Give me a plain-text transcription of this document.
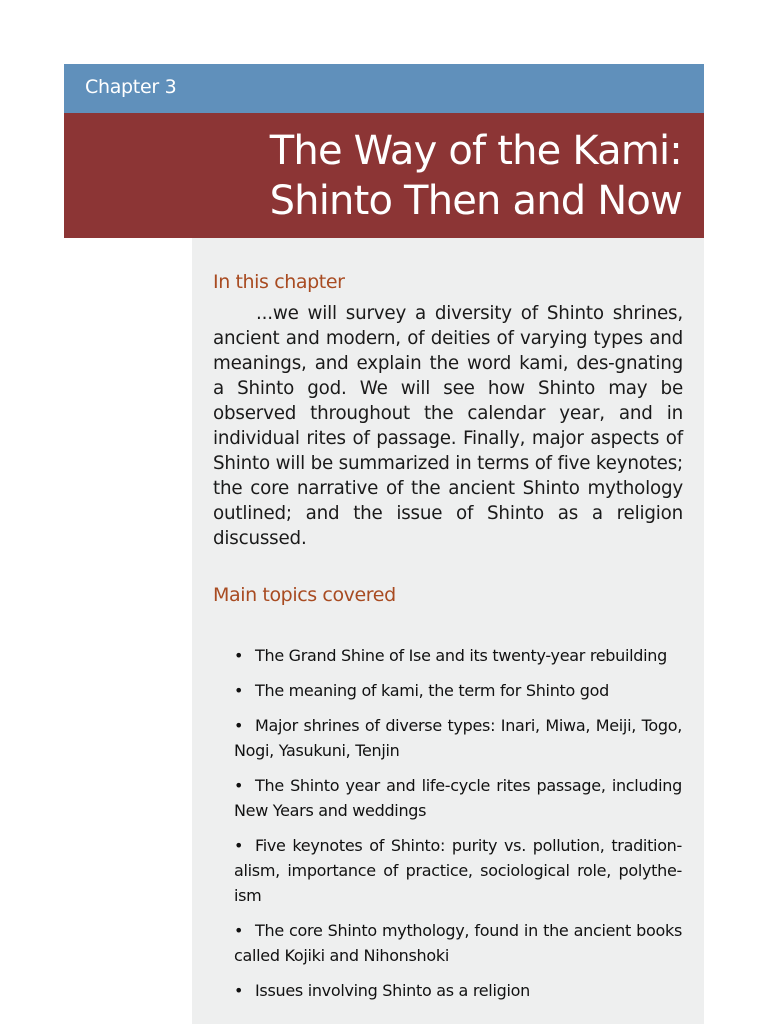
Chapter 3
The Way of the Kami:
Shinto Then and Now
In this chapter

...we will survey a diversity of Shinto shrines, ancient and modern, of deities of varying types and meanings, and explain the word kami, des-gnating a Shinto god. We will see how Shinto may be observed throughout the calendar year, and in individual rites of passage. Finally, major aspects of Shinto will be summarized in terms of five keynotes; the core narrative of the ancient Shinto mythology outlined; and the issue of Shinto as a religion discussed.

Main topics covered
• The Grand Shine of Ise and its twenty-year rebuilding
• The meaning of kami, the term for Shinto god
• Major shrines of diverse types: Inari, Miwa, Meiji, Togo, Nogi, Yasukuni, Tenjin
• The Shinto year and life-cycle rites passage, including New Years and weddings
• Five keynotes of Shinto: purity vs. pollution, tradition-alism, importance of practice, sociological role, polythe-ism
• The core Shinto mythology, found in the ancient books called Kojiki and Nihonshoki
• Issues involving Shinto as a religion
